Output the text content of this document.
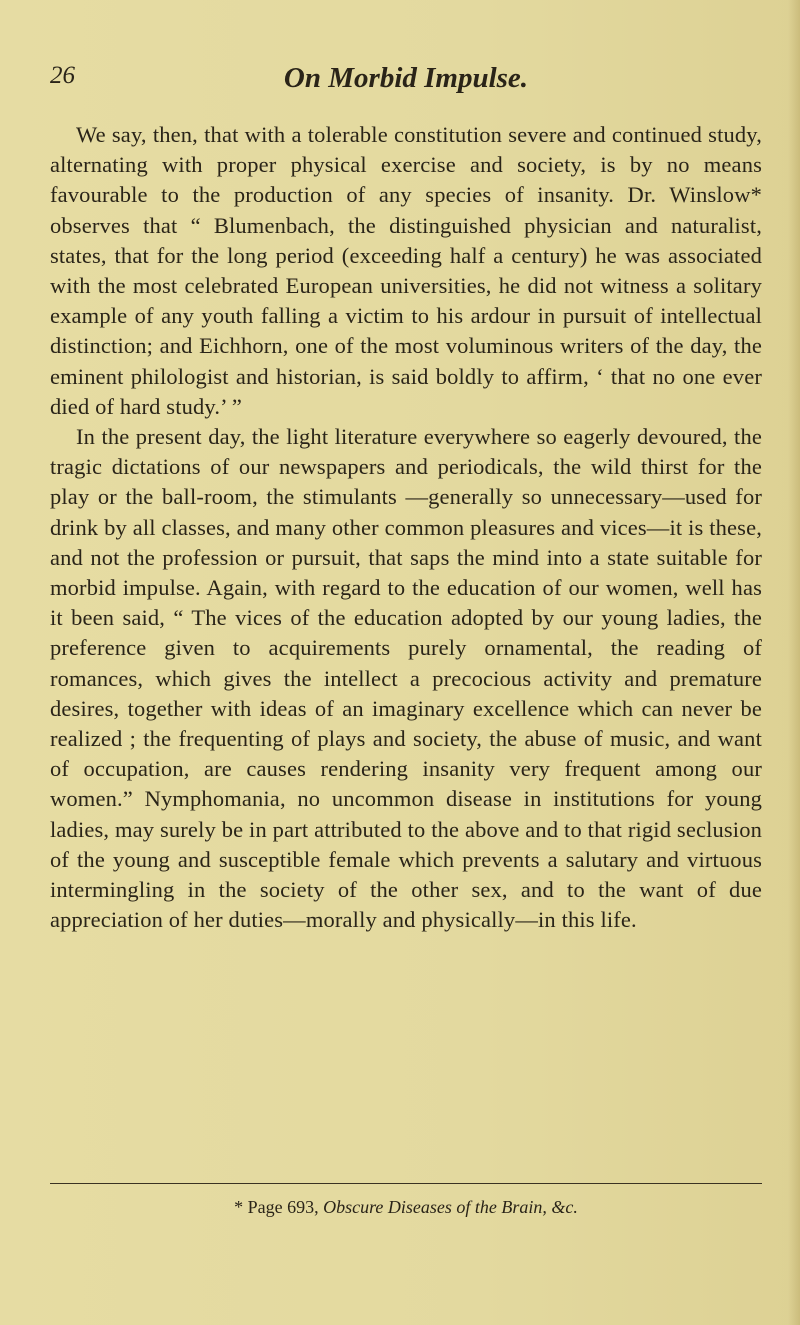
26	On Morbid Impulse.

We say, then, that with a tolerable constitution severe and continued study, alternating with proper physical exercise and society, is by no means favourable to the production of any species of insanity. Dr. Winslow* observes that “ Blumenbach, the distinguished physician and naturalist, states, that for the long period (exceeding half a century) he was associated with the most celebrated European universities, he did not witness a solitary example of any youth falling a victim to his ardour in pursuit of intellectual distinction; and Eichhorn, one of the most voluminous writers of the day, the eminent philologist and historian, is said boldly to affirm, ‘ that no one ever died of hard study.’ ”

In the present day, the light literature everywhere so eagerly devoured, the tragic dictations of our newspapers and periodicals, the wild thirst for the play or the ball-room, the stimulants —generally so unnecessary—used for drink by all classes, and many other common pleasures and vices—it is these, and not the profession or pursuit, that saps the mind into a state suitable for morbid impulse. Again, with regard to the education of our women, well has it been said, “ The vices of the education adopted by our young ladies, the preference given to acquirements purely ornamental, the reading of romances, which gives the intellect a precocious activity and premature desires, together with ideas of an imaginary excellence which can never be realized ; the frequenting of plays and society, the abuse of music, and want of occupation, are causes rendering insanity very frequent among our women.” Nymphomania, no uncommon disease in institutions for young ladies, may surely be in part attributed to the above and to that rigid seclusion of the young and susceptible female which prevents a salutary and virtuous intermingling in the society of the other sex, and to the want of due appreciation of her duties—morally and physically—in this life.

* Page 693, Obscure Diseases of the Brain, &c.
